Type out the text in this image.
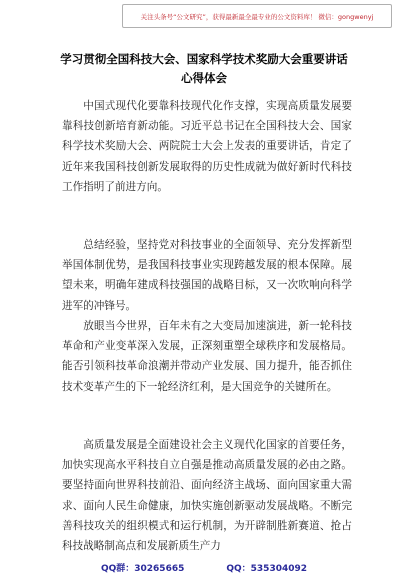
关注头条号“公文研究”，获得最新最全最专业的公文资料库！ 微信：gongwenyj
学习贯彻全国科技大会、国家科学技术奖励大会重要讲话
心得体会

中国式现代化要靠科技现代化作支撑，实现高质量发展要靠科技创新培育新动能。习近平总书记在全国科技大会、国家科学技术奖励大会、两院院士大会上发表的重要讲话，肯定了近年来我国科技创新发展取得的历史性成就为做好新时代科技工作指明了前进方向。

总结经验，坚持党对科技事业的全面领导、充分发挥新型举国体制优势，是我国科技事业实现跨越发展的根本保障。展望未来，明确年建成科技强国的战略目标，又一次吹响向科学进军的冲锋号。

放眼当今世界，百年未有之大变局加速演进，新一轮科技革命和产业变革深入发展，正深刻重塑全球秩序和发展格局。能否引领科技革命浪潮并带动产业发展、国力提升，能否抓住技术变革产生的下一轮经济红利，是大国竞争的关键所在。

高质量发展是全面建设社会主义现代化国家的首要任务，加快实现高水平科技自立自强是推动高质量发展的必由之路。要坚持面向世界科技前沿、面向经济主战场、面向国家重大需求、面向人民生命健康，加快实施创新驱动发展战略。不断完善科技攻关的组织模式和运行机制，为开辟制胜新赛道、抢占科技战略制高点和发展新质生产力

QQ群：30265665	QQ：535304092
